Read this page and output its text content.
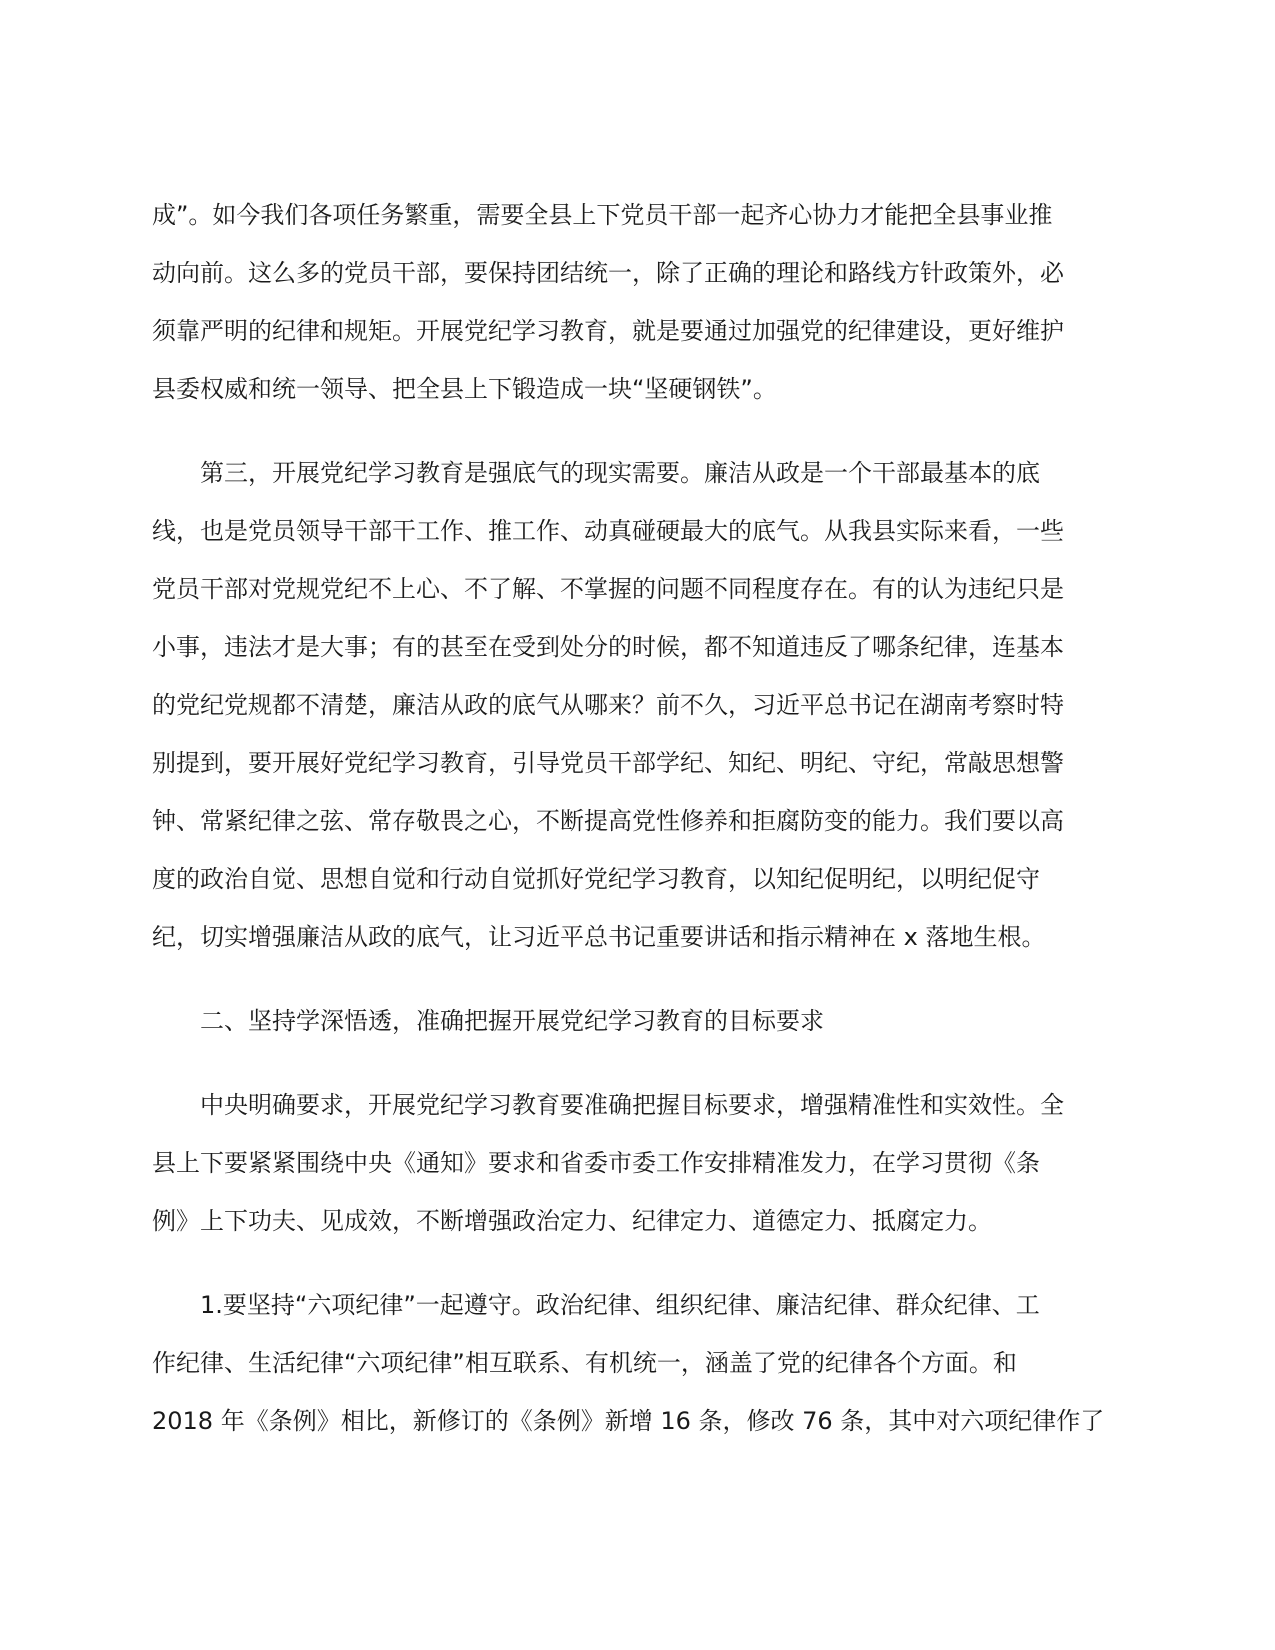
成”。如今我们各项任务繁重，需要全县上下党员干部一起齐心协力才能把全县事业推
动向前。这么多的党员干部，要保持团结统一，除了正确的理论和路线方针政策外，必
须靠严明的纪律和规矩。开展党纪学习教育，就是要通过加强党的纪律建设，更好维护
县委权威和统一领导、把全县上下锻造成一块“坚硬钢铁”。
第三，开展党纪学习教育是强底气的现实需要。廉洁从政是一个干部最基本的底
线，也是党员领导干部干工作、推工作、动真碰硬最大的底气。从我县实际来看，一些
党员干部对党规党纪不上心、不了解、不掌握的问题不同程度存在。有的认为违纪只是
小事，违法才是大事；有的甚至在受到处分的时候，都不知道违反了哪条纪律，连基本
的党纪党规都不清楚，廉洁从政的底气从哪来？前不久，习近平总书记在湖南考察时特
别提到，要开展好党纪学习教育，引导党员干部学纪、知纪、明纪、守纪，常敲思想警
钟、常紧纪律之弦、常存敬畏之心，不断提高党性修养和拒腐防变的能力。我们要以高
度的政治自觉、思想自觉和行动自觉抓好党纪学习教育，以知纪促明纪，以明纪促守
纪，切实增强廉洁从政的底气，让习近平总书记重要讲话和指示精神在 x 落地生根。
二、坚持学深悟透，准确把握开展党纪学习教育的目标要求
中央明确要求，开展党纪学习教育要准确把握目标要求，增强精准性和实效性。全
县上下要紧紧围绕中央《通知》要求和省委市委工作安排精准发力，在学习贯彻《条
例》上下功夫、见成效，不断增强政治定力、纪律定力、道德定力、抵腐定力。
1.要坚持“六项纪律”一起遵守。政治纪律、组织纪律、廉洁纪律、群众纪律、工
作纪律、生活纪律“六项纪律”相互联系、有机统一，涵盖了党的纪律各个方面。和
2018 年《条例》相比，新修订的《条例》新增 16 条，修改 76 条，其中对六项纪律作了
